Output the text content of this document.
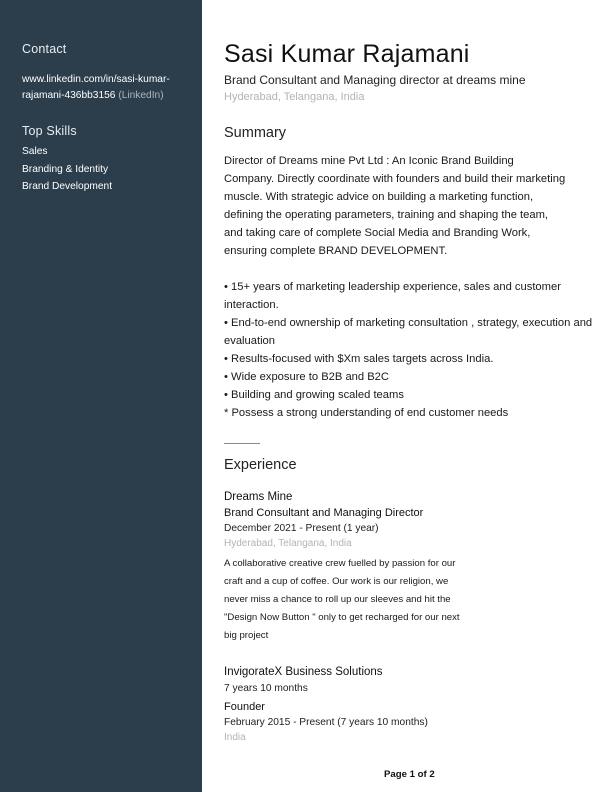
Contact
www.linkedin.com/in/sasi-kumar-
rajamani-436bb3156 (LinkedIn)
Top Skills
Sales
Branding & Identity
Brand Development
Sasi Kumar Rajamani
Brand Consultant and Managing director at dreams mine
Hyderabad, Telangana, India
Summary
Director of Dreams mine Pvt Ltd : An Iconic Brand Building
Company. Directly coordinate with founders and build their marketing
muscle. With strategic advice on building a marketing function,
defining the operating parameters, training and shaping the team,
and taking care of complete Social Media and Branding Work,
ensuring complete BRAND DEVELOPMENT.
• 15+ years of marketing leadership experience, sales and customer interaction.
• End-to-end ownership of marketing consultation , strategy, execution and evaluation
• Results-focused with $Xm sales targets across India.
• Wide exposure to B2B and B2C
• Building and growing scaled teams
* Possess a strong understanding of end customer needs
Experience
Dreams Mine
Brand Consultant and Managing Director
December 2021 - Present (1 year)
Hyderabad, Telangana, India
A collaborative creative crew fuelled by passion for our
craft and a cup of coffee. Our work is our religion, we
never miss a chance to roll up our sleeves and hit the
"Design Now Button " only to get recharged for our next
big project
InvigorateX Business Solutions
7 years 10 months
Founder
February 2015 - Present (7 years 10 months)
India
Page 1 of 2
